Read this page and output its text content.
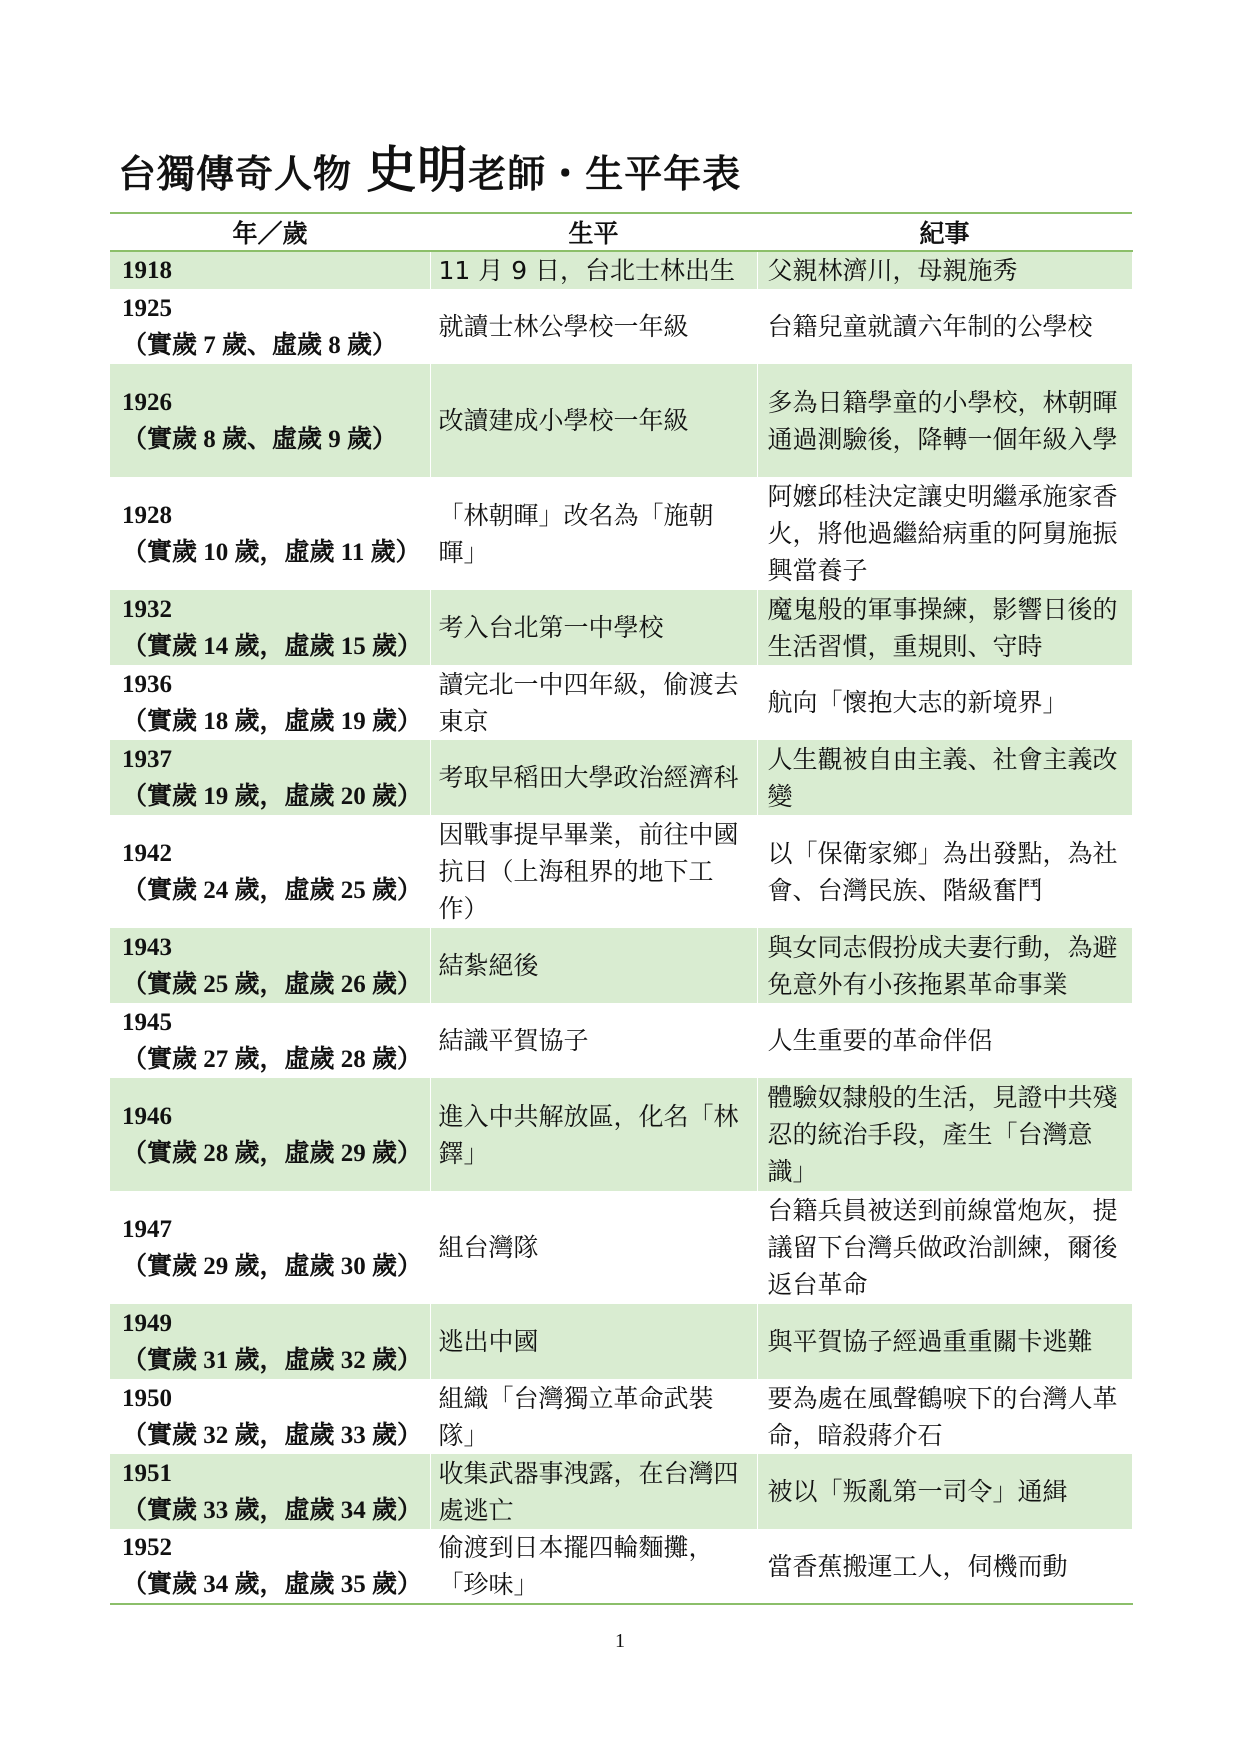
台獨傳奇人物 史明老師・生平年表
年／歲	生平	紀事
1918	11 月 9 日，台北士林出生	父親林濟川，母親施秀
1925
（實歲 7 歲、虛歲 8 歲）	就讀士林公學校一年級	台籍兒童就讀六年制的公學校
1926
（實歲 8 歲、虛歲 9 歲）	改讀建成小學校一年級	多為日籍學童的小學校，林朝暉通過測驗後，降轉一個年級入學
1928
（實歲 10 歲，虛歲 11 歲）	「林朝暉」改名為「施朝暉」	阿嬤邱桂決定讓史明繼承施家香火，將他過繼給病重的阿舅施振興當養子
1932
（實歲 14 歲，虛歲 15 歲）	考入台北第一中學校	魔鬼般的軍事操練，影響日後的生活習慣，重規則、守時
1936
（實歲 18 歲，虛歲 19 歲）	讀完北一中四年級，偷渡去東京	航向「懷抱大志的新境界」
1937
（實歲 19 歲，虛歲 20 歲）	考取早稻田大學政治經濟科	人生觀被自由主義、社會主義改變
1942
（實歲 24 歲，虛歲 25 歲）	因戰事提早畢業，前往中國抗日（上海租界的地下工作）	以「保衛家鄉」為出發點，為社會、台灣民族、階級奮鬥
1943
（實歲 25 歲，虛歲 26 歲）	結紮絕後	與女同志假扮成夫妻行動，為避免意外有小孩拖累革命事業
1945
（實歲 27 歲，虛歲 28 歲）	結識平賀協子	人生重要的革命伴侶
1946
（實歲 28 歲，虛歲 29 歲）	進入中共解放區，化名「林鐸」	體驗奴隸般的生活，見證中共殘忍的統治手段，產生「台灣意識」
1947
（實歲 29 歲，虛歲 30 歲）	組台灣隊	台籍兵員被送到前線當炮灰，提議留下台灣兵做政治訓練，爾後返台革命
1949
（實歲 31 歲，虛歲 32 歲）	逃出中國	與平賀協子經過重重關卡逃難
1950
（實歲 32 歲，虛歲 33 歲）	組織「台灣獨立革命武裝隊」	要為處在風聲鶴唳下的台灣人革命，暗殺蔣介石
1951
（實歲 33 歲，虛歲 34 歲）	收集武器事洩露，在台灣四處逃亡	被以「叛亂第一司令」通緝
1952
（實歲 34 歲，虛歲 35 歲）	偷渡到日本擺四輪麵攤，「珍味」	當香蕉搬運工人，伺機而動
1
